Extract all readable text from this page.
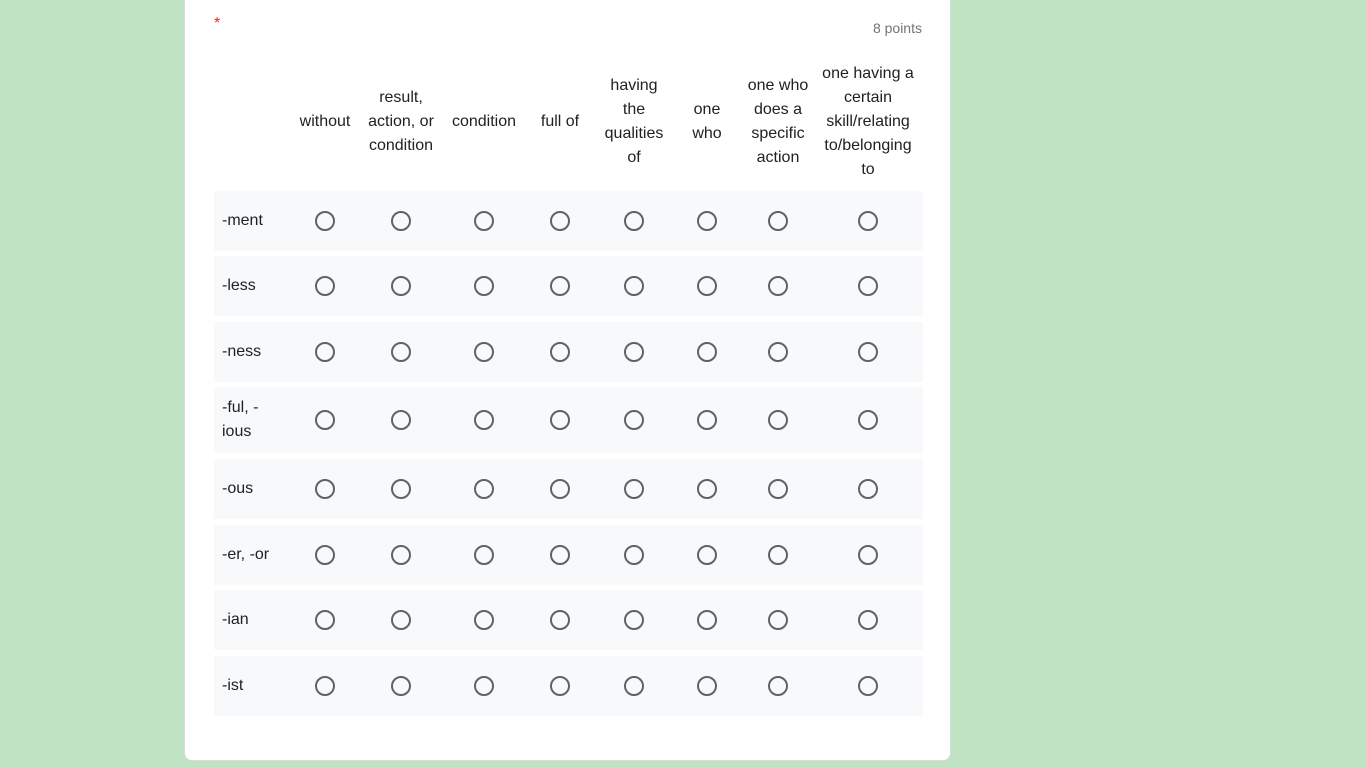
*	8 points
without
result, action, or condition
condition	full of
having the qualities of
one who
one who does a specific action
one having a certain skill/relating to/belonging to
-ment
-less
-ness
-ful, -ious
-ous
-er, -or
-ian
-ist
